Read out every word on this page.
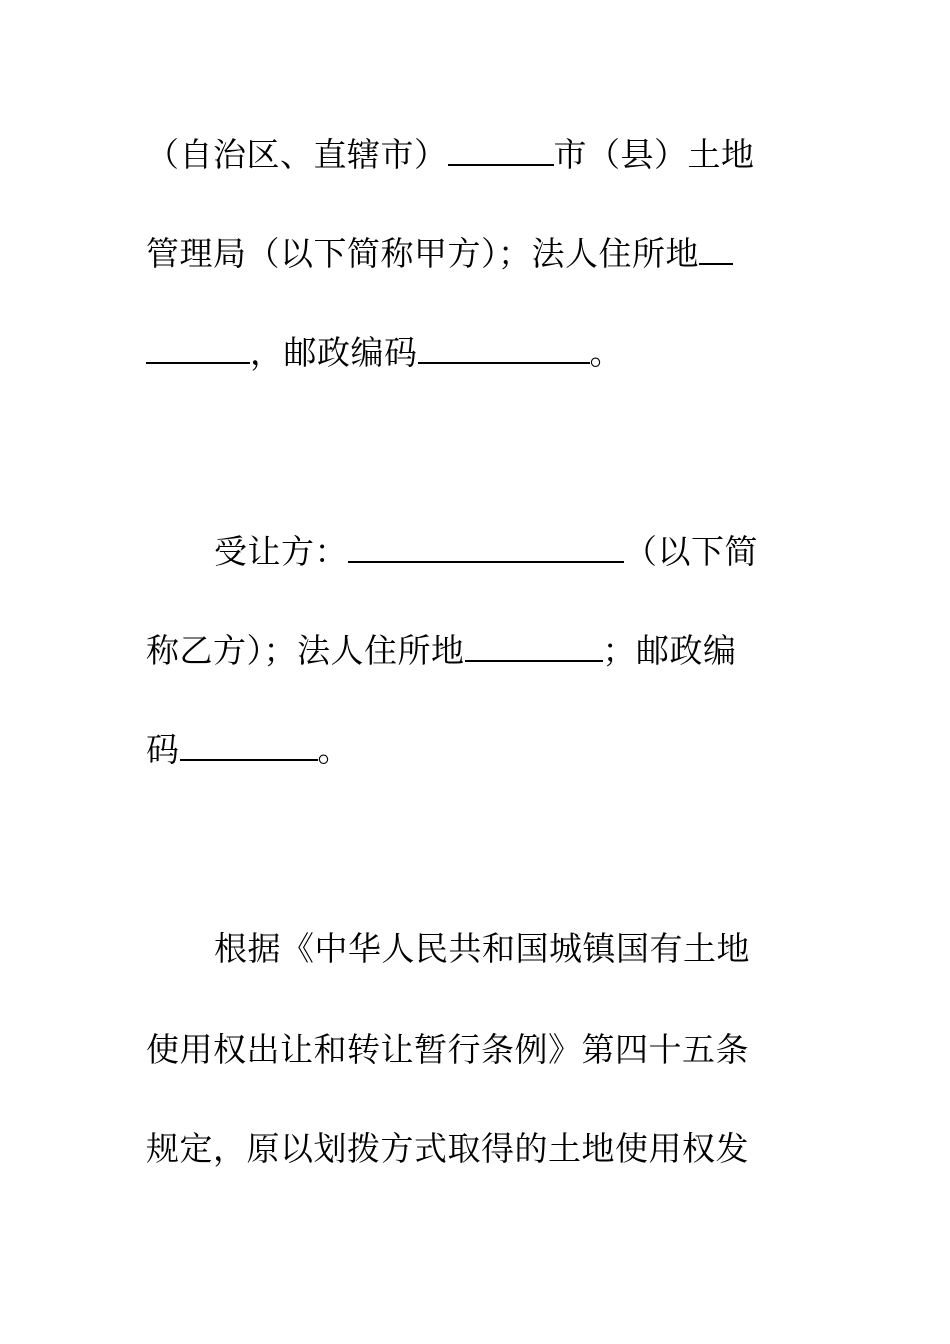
（自治区、直辖市）	市（县）土地
管理局（以下简称甲方）；法人住所地
，邮政编码	。
受让方：	（以下简
称乙方）；法人住所地	；邮政编
码	。
根据《中华人民共和国城镇国有土地
使用权出让和转让暂行条例》第四十五条
规定，原以划拨方式取得的土地使用权发
